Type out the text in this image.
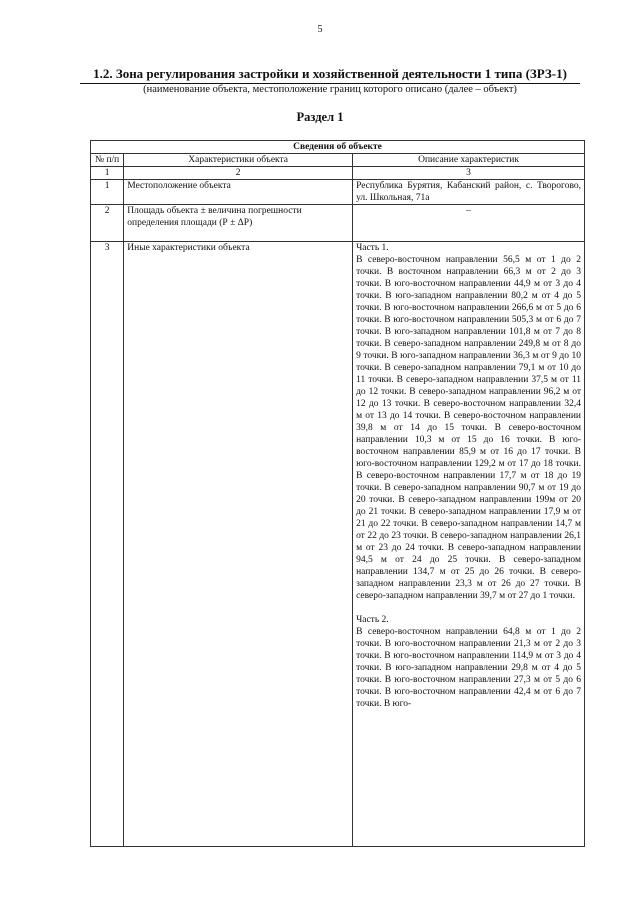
5
1.2. Зона регулирования застройки и хозяйственной деятельности 1 типа (ЗРЗ-1)
(наименование объекта, местоположение границ которого описано (далее – объект)
Раздел 1
Сведения об объекте		
№ п/п	Характеристики объекта	Описание характеристик
1	2	3
1	Местоположение объекта	Республика Бурятия, Кабанский район, с. Творогово, ул. Школьная, 71а
2	Площадь объекта ± величина погрешности определения площади (Р ± ΔР)	–
3	Иные характеристики объекта	Часть 1.
В северо-восточном направлении 56,5 м от 1 до 2 точки. В восточном направлении 66,3 м от 2 до 3 точки. В юго-восточном направлении 44,9 м от 3 до 4 точки. В юго-западном направлении 80,2 м от 4 до 5 точки. В юго-восточном направлении 266,6 м от 5 до 6 точки. В юго-восточном направлении 505,3 м от 6 до 7 точки. В юго-западном направлении 101,8 м от 7 до 8 точки. В северо-западном направлении 249,8 м от 8 до 9 точки. В юго-западном направлении 36,3 м от 9 до 10 точки. В северо-западном направлении 79,1 м от 10 до 11 точки. В северо-западном направлении 37,5 м от 11 до 12 точки. В северо-западном направлении 96,2 м от 12 до 13 точки. В северо-восточном направлении 32,4 м от 13 до 14 точки. В северо-восточном направлении 39,8 м от 14 до 15 точки. В северо-восточном направлении 10,3 м от 15 до 16 точки. В юго-восточном направлении 85,9 м от 16 до 17 точки. В юго-восточном направлении 129,2 м от 17 до 18 точки. В северо-восточном направлении 17,7 м от 18 до 19 точки. В северо-западном направлении 90,7 м от 19 до 20 точки. В северо-западном направлении 199м от 20 до 21 точки. В северо-западном направлении 17,9 м от 21 до 22 точки. В северо-западном направлении 14,7 м от 22 до 23 точки. В северо-западном направлении 26,1 м от 23 до 24 точки. В северо-западном направлении 94,5 м от 24 до 25 точки. В северо-западном направлении 134,7 м от 25 до 26 точки. В северо-западном направлении 23,3 м от 26 до 27 точки. В северо-западном направлении 39,7 м от 27 до 1 точки.

Часть 2.
В северо-восточном направлении 64,8 м от 1 до 2 точки. В юго-восточном направлении 21,3 м от 2 до 3 точки. В юго-восточном направлении 114,9 м от 3 до 4 точки. В юго-западном направлении 29,8 м от 4 до 5 точки. В юго-восточном направлении 27,3 м от 5 до 6 точки. В юго-восточном направлении 42,4 м от 6 до 7 точки. В юго-
